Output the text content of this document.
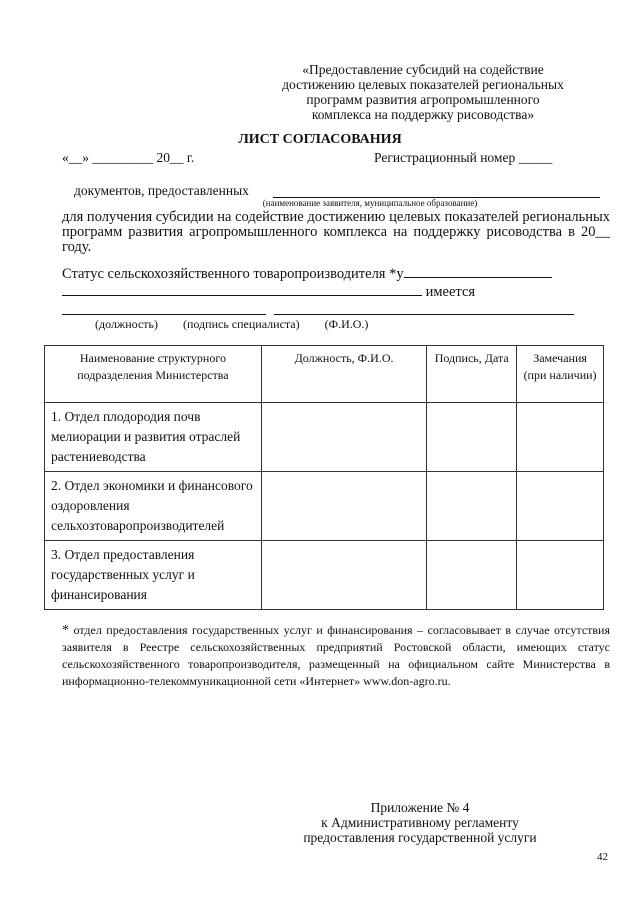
«Предоставление субсидий на содействие
достижению целевых показателей региональных
программ развития агропромышленного
комплекса на поддержку рисоводства»
ЛИСТ СОГЛАСОВАНИЯ
«__» _________ 20__ г.	Регистрационный номер _____
документов, предоставленных
(наименование заявителя, муниципальное образование)
для получения субсидии на содействие достижению целевых показателей региональных программ развития агропромышленного комплекса на поддержку рисоводства в 20__ году.
Статус сельскохозяйственного товаропроизводителя *у
имеется
(должность) (подпись специалиста) (Ф.И.О.)
Наименование структурного подразделения Министерства	Должность, Ф.И.О.	Подпись, Дата	Замечания (при наличии)
1. Отдел плодородия почв мелиорации и развития отраслей растениеводства			
2. Отдел экономики и финансового оздоровления сельхозтоваропроизводителей			
3. Отдел предоставления государственных услуг и финансирования			
* отдел предоставления государственных услуг и финансирования – согласовывает в случае отсутствия заявителя в Реестре сельскохозяйственных предприятий Ростовской области, имеющих статус сельскохозяйственного товаропроизводителя, размещенный на официальном сайте Министерства в информационно-телекоммуникационной сети «Интернет» www.don-agro.ru.
Приложение № 4
к Административному регламенту
предоставления государственной услуги
42
